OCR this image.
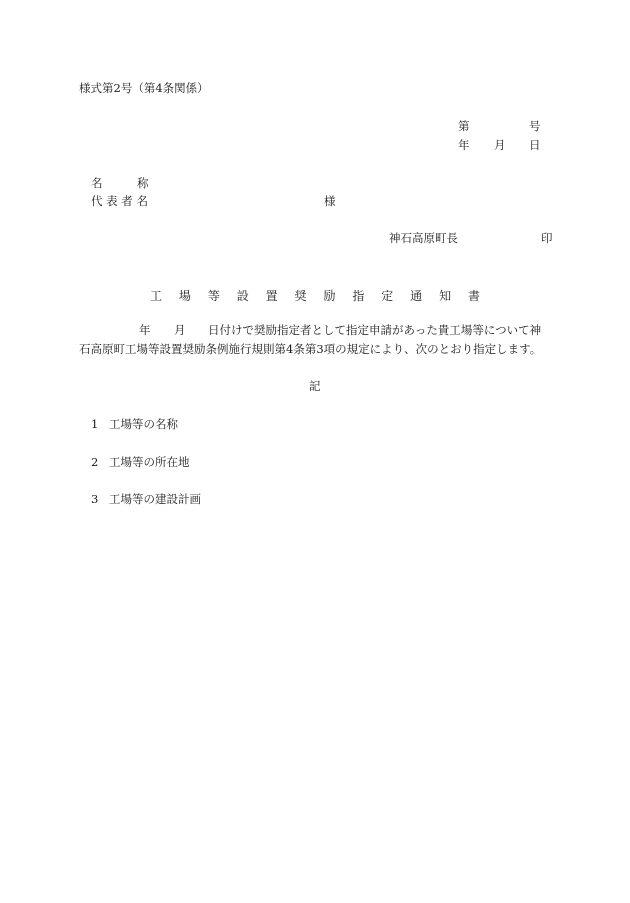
様式第2号（第4条関係）
第	号
年 月 日
名　　　称
代 表 者 名	様
神石高原町長	印
工 場 等 設 置 奨 励 指 定 通 知 書
年 月 日付けで奨励指定者として指定申請があった貴工場等について神
石高原町工場等設置奨励条例施行規則第4条第3項の規定により、次のとおり指定します。
記
1 工場等の名称
2 工場等の所在地
3 工場等の建設計画
